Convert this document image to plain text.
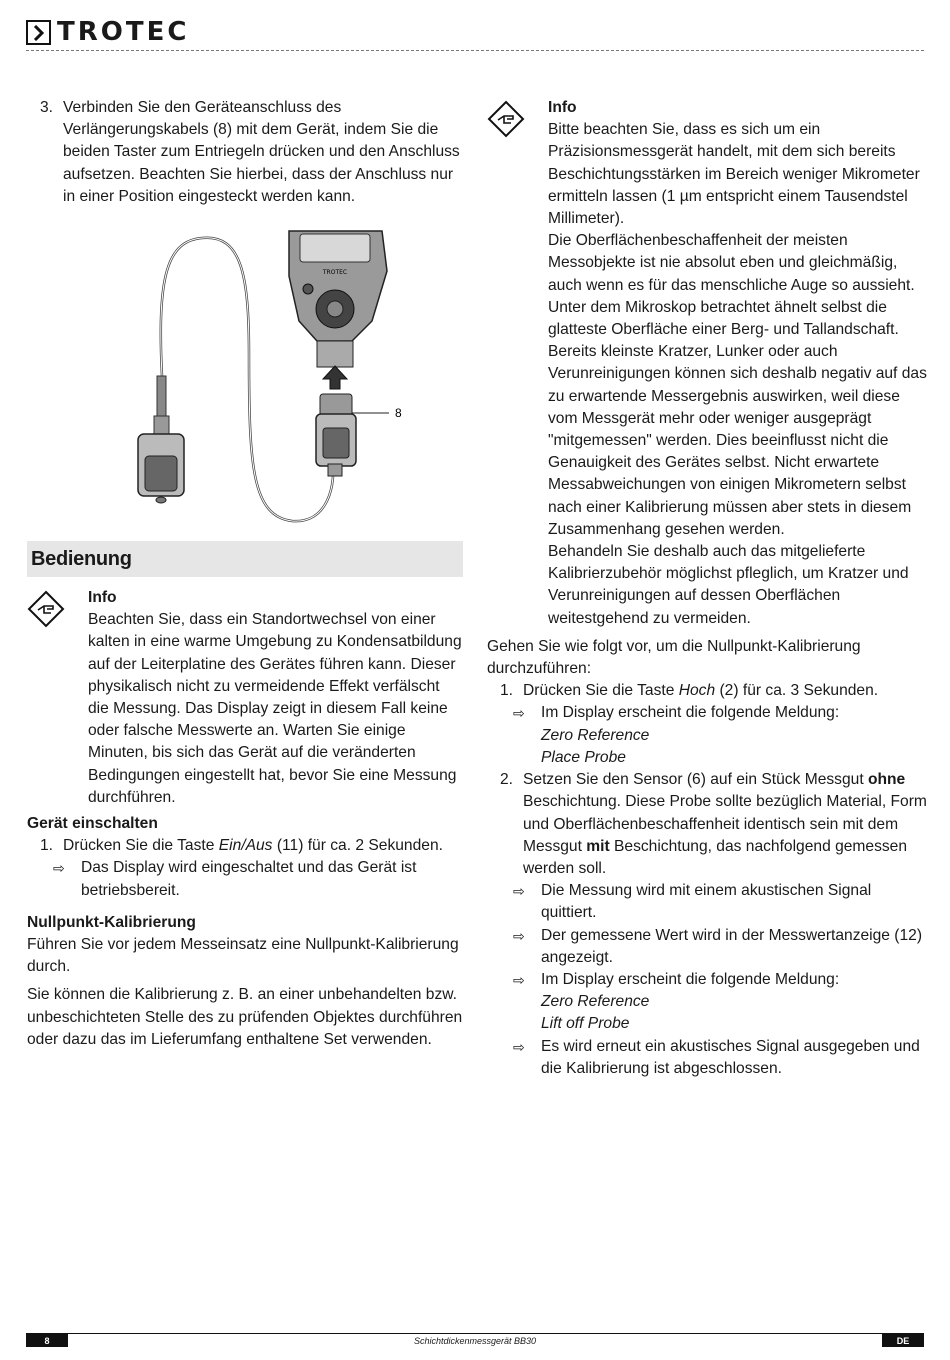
TROTEC
3. Verbinden Sie den Geräteanschluss des Verlängerungskabels (8) mit dem Gerät, indem Sie die beiden Taster zum Entriegeln drücken und den Anschluss aufsetzen. Beachten Sie hierbei, dass der Anschluss nur in einer Position eingesteckt werden kann.
TROTEC
8
Bedienung
Info
Beachten Sie, dass ein Standortwechsel von einer kalten in eine warme Umgebung zu Kondensatbildung auf der Leiterplatine des Gerätes führen kann. Dieser physikalisch nicht zu vermeidende Effekt verfälscht die Messung. Das Display zeigt in diesem Fall keine oder falsche Messwerte an. Warten Sie einige Minuten, bis sich das Gerät auf die veränderten Bedingungen eingestellt hat, bevor Sie eine Messung durchführen.
Gerät einschalten
1. Drücken Sie die Taste Ein/Aus (11) für ca. 2 Sekunden.
⇨	Das Display wird eingeschaltet und das Gerät ist betriebsbereit.
Nullpunkt-Kalibrierung
Führen Sie vor jedem Messeinsatz eine Nullpunkt-Kalibrierung durch.
Sie können die Kalibrierung z. B. an einer unbehandelten bzw. unbeschichteten Stelle des zu prüfenden Objektes durchführen oder dazu das im Lieferumfang enthaltene Set verwenden.
Info
Bitte beachten Sie, dass es sich um ein Präzisionsmessgerät handelt, mit dem sich bereits Beschichtungsstärken im Bereich weniger Mikrometer ermitteln lassen (1 µm entspricht einem Tausendstel Millimeter).
Die Oberflächenbeschaffenheit der meisten Messobjekte ist nie absolut eben und gleichmäßig, auch wenn es für das menschliche Auge so aussieht. Unter dem Mikroskop betrachtet ähnelt selbst die glatteste Oberfläche einer Berg- und Tallandschaft. Bereits kleinste Kratzer, Lunker oder auch Verunreinigungen können sich deshalb negativ auf das zu erwartende Messergebnis auswirken, weil diese vom Messgerät mehr oder weniger ausgeprägt "mitgemessen" werden. Dies beeinflusst nicht die Genauigkeit des Gerätes selbst. Nicht erwartete Messabweichungen von einigen Mikrometern selbst nach einer Kalibrierung müssen aber stets in diesem Zusammenhang gesehen werden.
Behandeln Sie deshalb auch das mitgelieferte Kalibrierzubehör möglichst pfleglich, um Kratzer und Verunreinigungen auf dessen Oberflächen weitestgehend zu vermeiden.
Gehen Sie wie folgt vor, um die Nullpunkt-Kalibrierung durchzuführen:
1. Drücken Sie die Taste Hoch (2) für ca. 3 Sekunden.
⇨	Im Display erscheint die folgende Meldung:
Zero Reference
Place Probe
2. Setzen Sie den Sensor (6) auf ein Stück Messgut ohne Beschichtung. Diese Probe sollte bezüglich Material, Form und Oberflächenbeschaffenheit identisch sein mit dem Messgut mit Beschichtung, das nachfolgend gemessen werden soll.
⇨	Die Messung wird mit einem akustischen Signal quittiert.
⇨	Der gemessene Wert wird in der Messwertanzeige (12) angezeigt.
⇨	Im Display erscheint die folgende Meldung:
Zero Reference
Lift off Probe
⇨	Es wird erneut ein akustisches Signal ausgegeben und die Kalibrierung ist abgeschlossen.
8	Schichtdickenmessgerät BB30	DE
